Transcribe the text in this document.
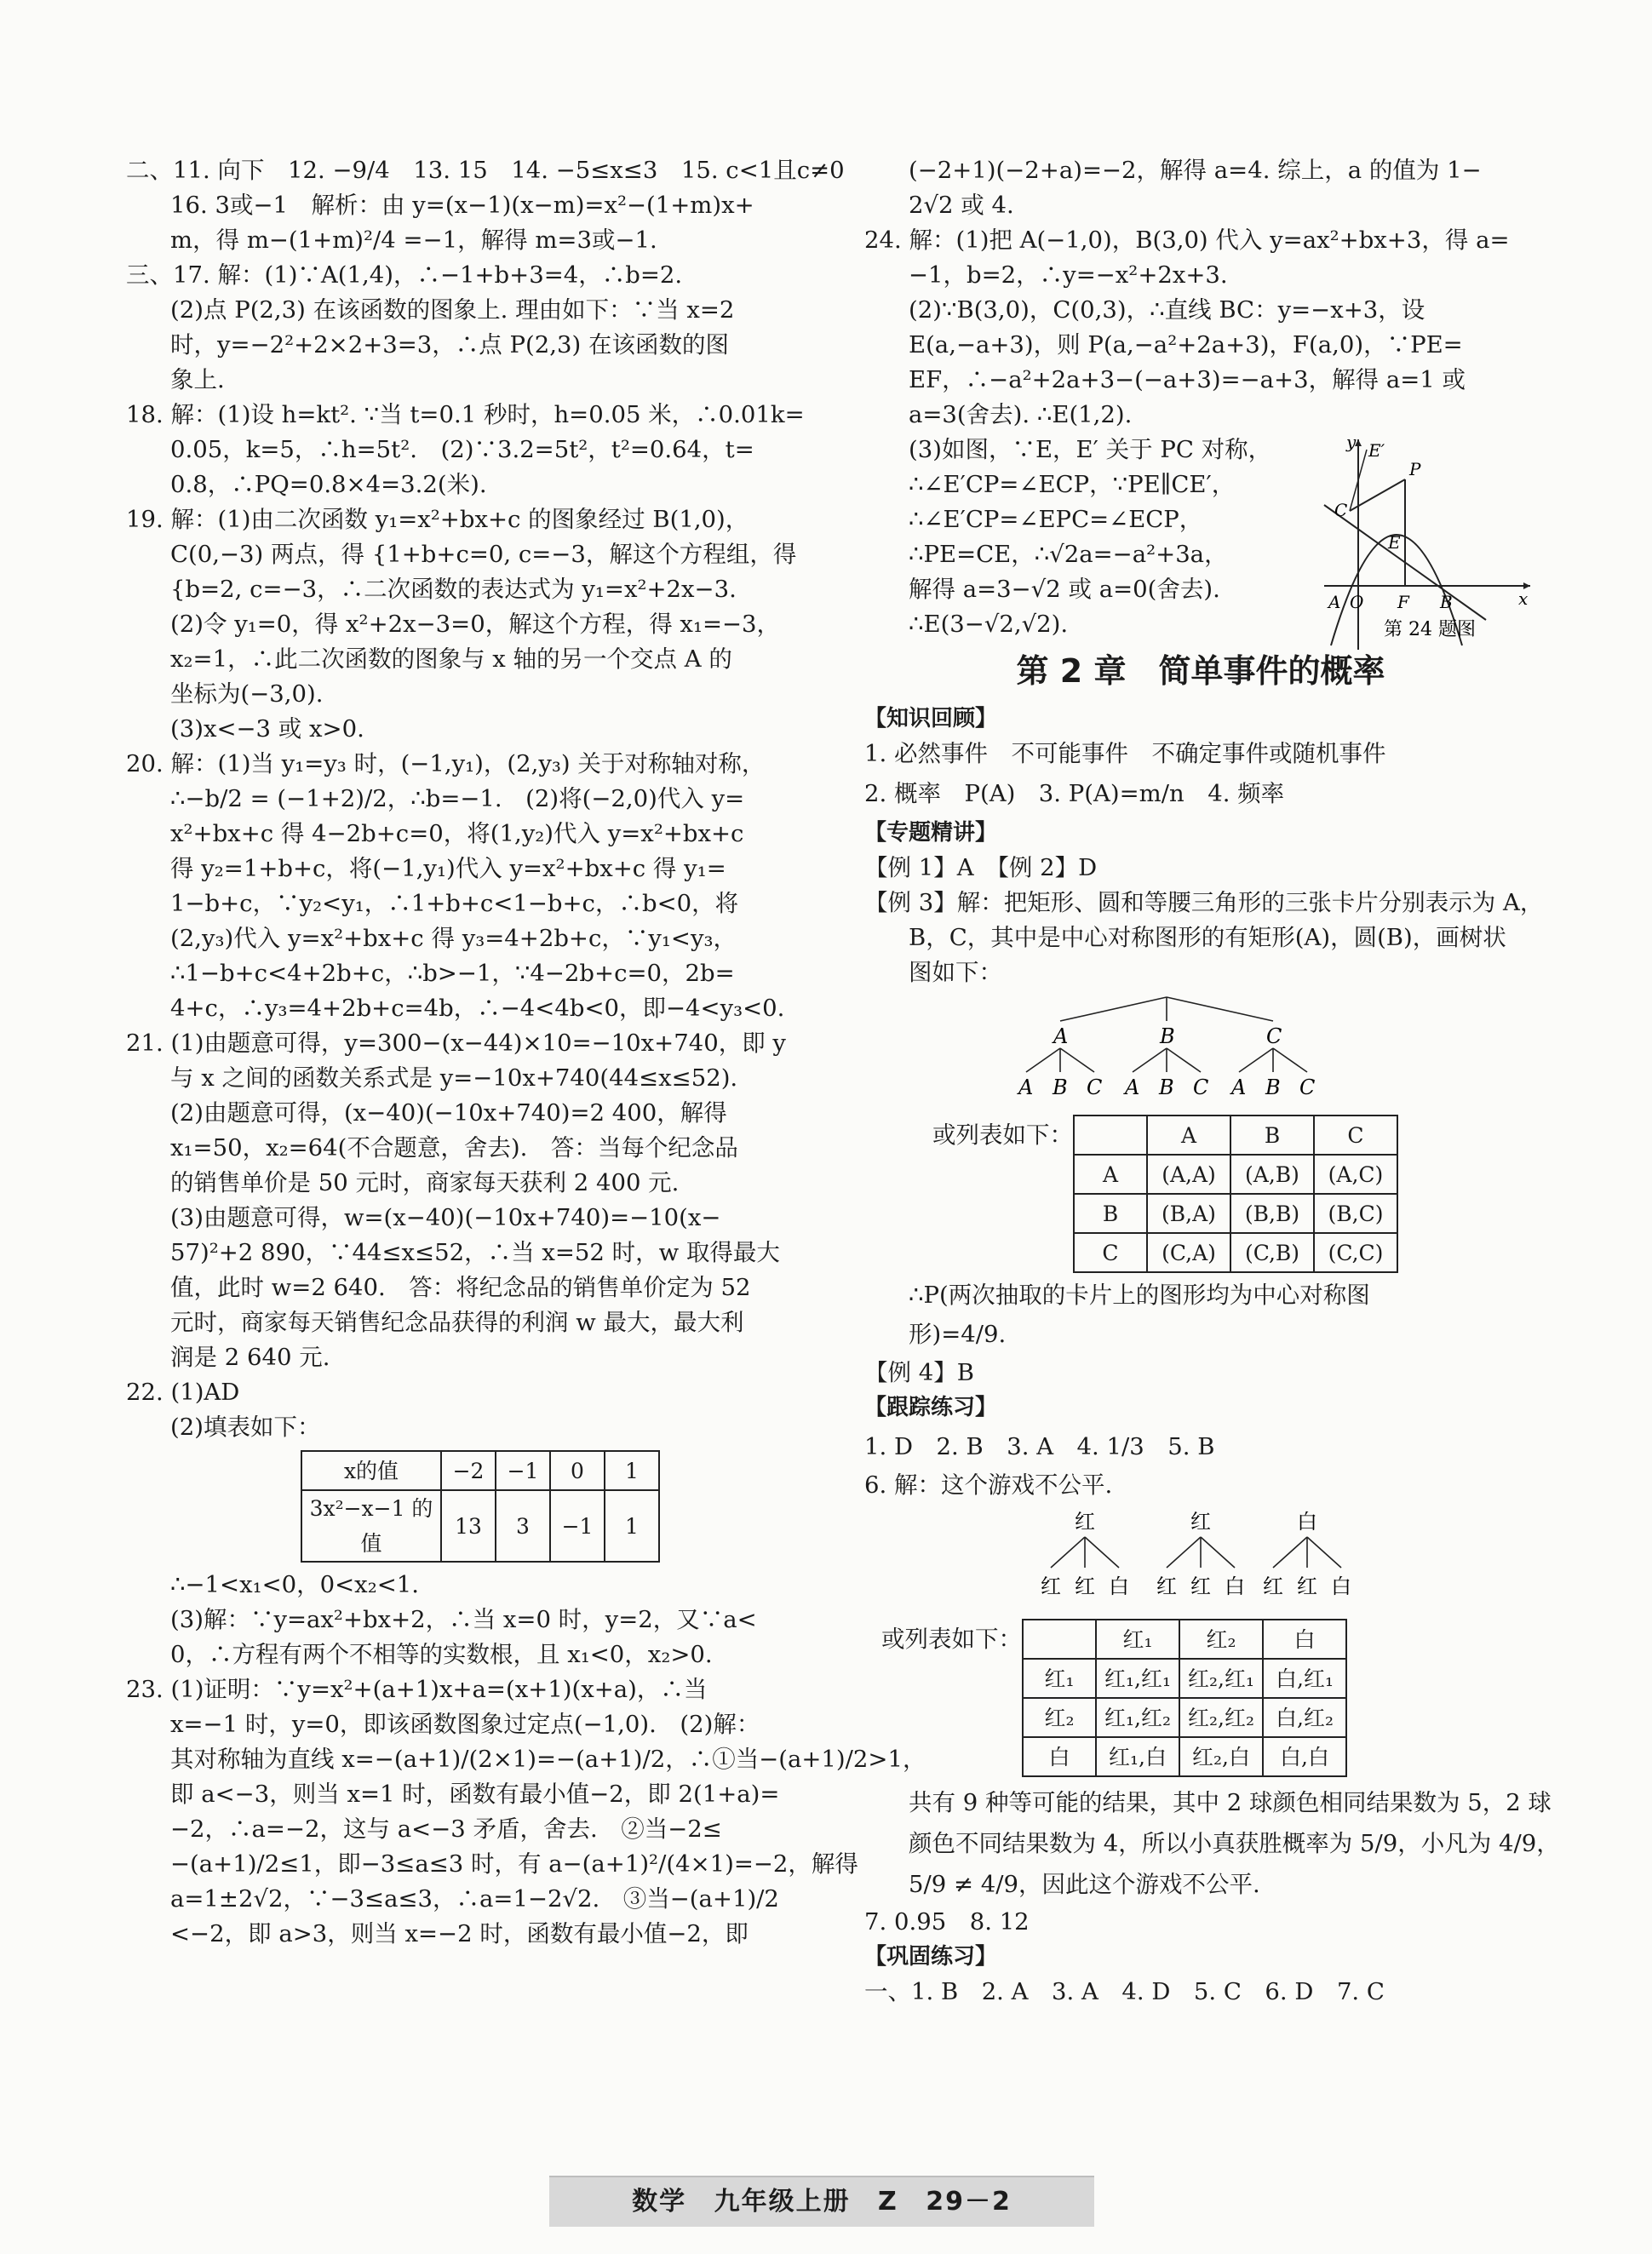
二、11. 向下　12. −9/4　13. 15　14. −5≤x≤3　15. c<1且c≠0
16. 3或−1　解析：由 y=(x−1)(x−m)=x²−(1+m)x+
m，得 m−(1+m)²/4 =−1，解得 m=3或−1.
三、17. 解：(1)∵A(1,4)，∴−1+b+3=4，∴b=2.
(2)点 P(2,3) 在该函数的图象上. 理由如下：∵当 x=2
时，y=−2²+2×2+3=3，∴点 P(2,3) 在该函数的图
象上.
18. 解：(1)设 h=kt². ∵当 t=0.1 秒时，h=0.05 米，∴0.01k=
0.05，k=5，∴h=5t².　(2)∵3.2=5t²，t²=0.64，t=
0.8，∴PQ=0.8×4=3.2(米).
19. 解：(1)由二次函数 y₁=x²+bx+c 的图象经过 B(1,0)，
C(0,−3) 两点，得 {1+b+c=0, c=−3，解这个方程组，得
{b=2, c=−3，∴二次函数的表达式为 y₁=x²+2x−3.
(2)令 y₁=0，得 x²+2x−3=0，解这个方程，得 x₁=−3，
x₂=1，∴此二次函数的图象与 x 轴的另一个交点 A 的
坐标为(−3,0).
(3)x<−3 或 x>0.
20. 解：(1)当 y₁=y₃ 时，(−1,y₁)，(2,y₃) 关于对称轴对称，
∴−b/2 = (−1+2)/2，∴b=−1.　(2)将(−2,0)代入 y=
x²+bx+c 得 4−2b+c=0，将(1,y₂)代入 y=x²+bx+c
得 y₂=1+b+c，将(−1,y₁)代入 y=x²+bx+c 得 y₁=
1−b+c，∵y₂<y₁，∴1+b+c<1−b+c，∴b<0，将
(2,y₃)代入 y=x²+bx+c 得 y₃=4+2b+c，∵y₁<y₃，
∴1−b+c<4+2b+c，∴b>−1，∵4−2b+c=0，2b=
4+c，∴y₃=4+2b+c=4b，∴−4<4b<0，即−4<y₃<0.
21. (1)由题意可得，y=300−(x−44)×10=−10x+740，即 y
与 x 之间的函数关系式是 y=−10x+740(44≤x≤52).
(2)由题意可得，(x−40)(−10x+740)=2 400，解得
x₁=50，x₂=64(不合题意，舍去).　答：当每个纪念品
的销售单价是 50 元时，商家每天获利 2 400 元.
(3)由题意可得，w=(x−40)(−10x+740)=−10(x−
57)²+2 890，∵44≤x≤52，∴当 x=52 时，w 取得最大
值，此时 w=2 640.　答：将纪念品的销售单价定为 52
元时，商家每天销售纪念品获得的利润 w 最大，最大利
润是 2 640 元.
22. (1)AD
(2)填表如下：
x的值	−2	−1	0	1
3x²−x−1 的值	13	3	−1	1
∴−1<x₁<0，0<x₂<1.
(3)解：∵y=ax²+bx+2，∴当 x=0 时，y=2，又∵a<
0，∴方程有两个不相等的实数根，且 x₁<0，x₂>0.
23. (1)证明：∵y=x²+(a+1)x+a=(x+1)(x+a)，∴当
x=−1 时，y=0，即该函数图象过定点(−1,0).　(2)解：
其对称轴为直线 x=−(a+1)/(2×1)=−(a+1)/2，∴①当−(a+1)/2>1，
即 a<−3，则当 x=1 时，函数有最小值−2，即 2(1+a)=
−2，∴a=−2，这与 a<−3 矛盾，舍去.　②当−2≤
−(a+1)/2≤1，即−3≤a≤3 时，有 a−(a+1)²/(4×1)=−2，解得
a=1±2√2，∵−3≤a≤3，∴a=1−2√2.　③当−(a+1)/2
<−2，即 a>3，则当 x=−2 时，函数有最小值−2，即
(−2+1)(−2+a)=−2，解得 a=4. 综上，a 的值为 1−
2√2 或 4.
24. 解：(1)把 A(−1,0)，B(3,0) 代入 y=ax²+bx+3，得 a=
−1，b=2，∴y=−x²+2x+3.
(2)∵B(3,0)，C(0,3)，∴直线 BC：y=−x+3，设
E(a,−a+3)，则 P(a,−a²+2a+3)，F(a,0)，∵PE=
EF，∴−a²+2a+3−(−a+3)=−a+3，解得 a=1 或
a=3(舍去). ∴E(1,2).
y E′
P
C
E
A O F B	x
第 24 题图
(3)如图，∵E，E′ 关于 PC 对称，
∴∠E′CP=∠ECP，∵PE∥CE′，
∴∠E′CP=∠EPC=∠ECP，
∴PE=CE，∴√2a=−a²+3a，
解得 a=3−√2 或 a=0(舍去).
∴E(3−√2,√2).
第 2 章　简单事件的概率
【知识回顾】
1. 必然事件　不可能事件　不确定事件或随机事件
2. 概率　P(A)　3. P(A)=m/n　4. 频率
【专题精讲】
【例 1】A　【例 2】D
【例 3】解：把矩形、圆和等腰三角形的三张卡片分别表示为 A，
B，C，其中是中心对称图形的有矩形(A)，圆(B)，画树状
图如下：
A	B	C
A B C A B C A B C
或列表如下：
		A	B	C
A	(A,A)	(A,B)	(A,C)
B	(B,A)	(B,B)	(B,C)
C	(C,A)	(C,B)	(C,C)
∴P(两次抽取的卡片上的图形均为中心对称图
形)=4/9.
【例 4】B
【跟踪练习】
1. D　2. B　3. A　4. 1/3　5. B
6. 解：这个游戏不公平.
红	红	白
红 红 白 红 红 白 红 红 白
或列表如下：
		红₁	红₂	白
红₁	红₁,红₁	红₂,红₁	白,红₁
红₂	红₁,红₂	红₂,红₂	白,红₂
白	红₁,白	红₂,白	白,白
共有 9 种等可能的结果，其中 2 球颜色相同结果数为 5，2 球
颜色不同结果数为 4，所以小真获胜概率为 5/9，小凡为 4/9，
5/9 ≠ 4/9，因此这个游戏不公平.
7. 0.95　8. 12
【巩固练习】
一、1. B　2. A　3. A　4. D　5. C　6. D　7. C
数学 九年级上册 Z 29－2
